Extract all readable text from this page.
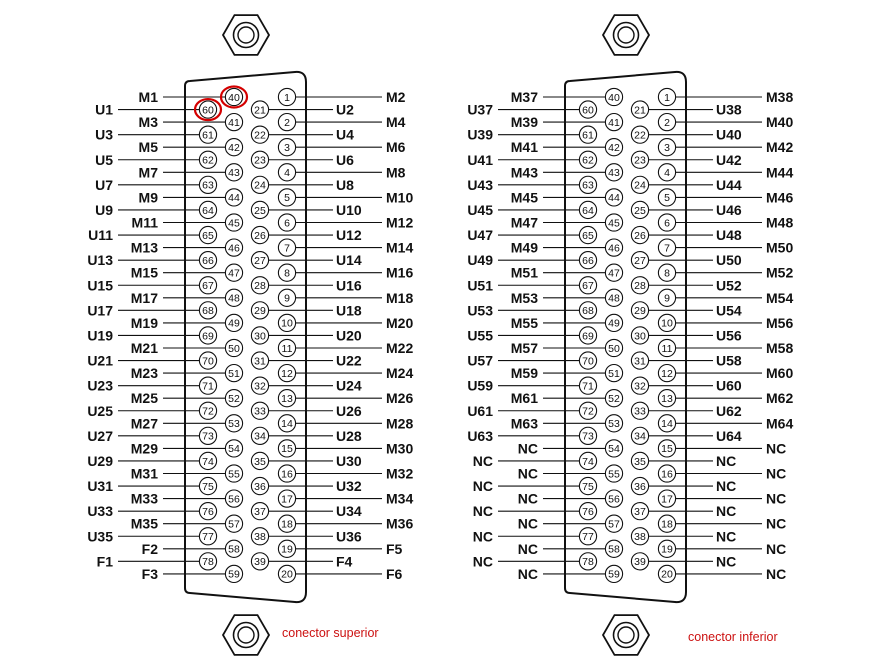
60
61
62
63
64
65
66
67
68
69
70
71
72
73
74
75
76
77
78
40
41
42
43
44
45
46
47
48
49
50
51
52
53
54
55
56
57
58
59
21
22
23
24
25
26
27
28
29
30
31
32
33
34
35
36
37
38
39
1
2
3
4
5
6
7
8
9
10
11
12
13
14
15
16
17
18
19
20
U1
U3
U5
U7
U9
U11
U13
U15
U17
U19
U21
U23
U25
U27
U29
U31
U33
U35
F1
M1
M3
M5
M7
M9
M11
M13
M15
M17
M19
M21
M23
M25
M27
M29
M31
M33
M35
F2
F3
U2
U4
U6
U8
U10
U12
U14
U16
U18
U20
U22
U24
U26
U28
U30
U32
U34
U36
F4
M2
M4
M6
M8
M10
M12
M14
M16
M18
M20
M22
M24
M26
M28
M30
M32
M34
M36
F5
F6
conector superior
60
61
62
63
64
65
66
67
68
69
70
71
72
73
74
75
76
77
78
40
41
42
43
44
45
46
47
48
49
50
51
52
53
54
55
56
57
58
59
21
22
23
24
25
26
27
28
29
30
31
32
33
34
35
36
37
38
39
1
2
3
4
5
6
7
8
9
10
11
12
13
14
15
16
17
18
19
20
U37
U39
U41
U43
U45
U47
U49
U51
U53
U55
U57
U59
U61
U63
NC
NC
NC
NC
NC
M37
M39
M41
M43
M45
M47
M49
M51
M53
M55
M57
M59
M61
M63
NC
NC
NC
NC
NC
NC
U38
U40
U42
U44
U46
U48
U50
U52
U54
U56
U58
U60
U62
U64
NC
NC
NC
NC
NC
M38
M40
M42
M44
M46
M48
M50
M52
M54
M56
M58
M60
M62
M64
NC
NC
NC
NC
NC
NC
conector inferior
